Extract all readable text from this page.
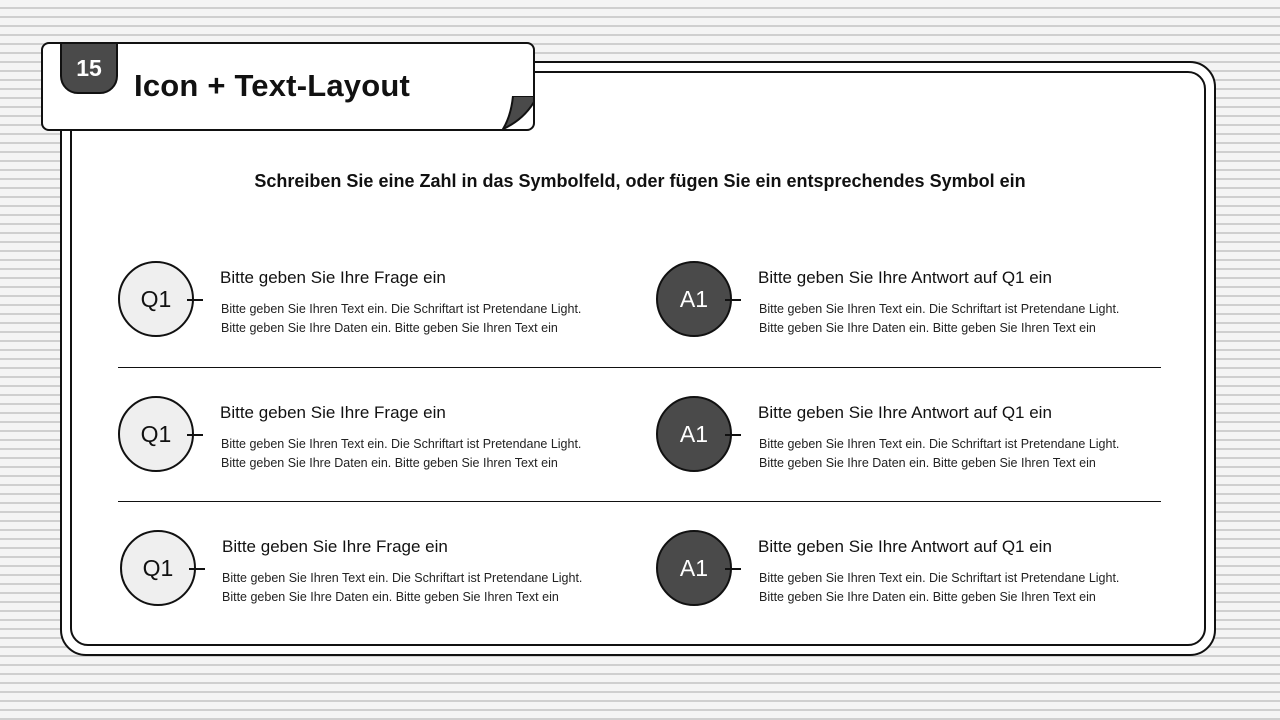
15
Icon + Text-Layout
Schreiben Sie eine Zahl in das Symbolfeld, oder fügen Sie ein entsprechendes Symbol ein
Q1
Bitte geben Sie Ihre Frage ein
Bitte geben Sie Ihren Text ein. Die Schriftart ist Pretendane Light.
Bitte geben Sie Ihre Daten ein. Bitte geben Sie Ihren Text ein
A1
Bitte geben Sie Ihre Antwort auf Q1 ein
Bitte geben Sie Ihren Text ein. Die Schriftart ist Pretendane Light.
Bitte geben Sie Ihre Daten ein. Bitte geben Sie Ihren Text ein
Q1
Bitte geben Sie Ihre Frage ein
Bitte geben Sie Ihren Text ein. Die Schriftart ist Pretendane Light.
Bitte geben Sie Ihre Daten ein. Bitte geben Sie Ihren Text ein
A1
Bitte geben Sie Ihre Antwort auf Q1 ein
Bitte geben Sie Ihren Text ein. Die Schriftart ist Pretendane Light.
Bitte geben Sie Ihre Daten ein. Bitte geben Sie Ihren Text ein
Q1
Bitte geben Sie Ihre Frage ein
Bitte geben Sie Ihren Text ein. Die Schriftart ist Pretendane Light.
Bitte geben Sie Ihre Daten ein. Bitte geben Sie Ihren Text ein
A1
Bitte geben Sie Ihre Antwort auf Q1 ein
Bitte geben Sie Ihren Text ein. Die Schriftart ist Pretendane Light.
Bitte geben Sie Ihre Daten ein. Bitte geben Sie Ihren Text ein
